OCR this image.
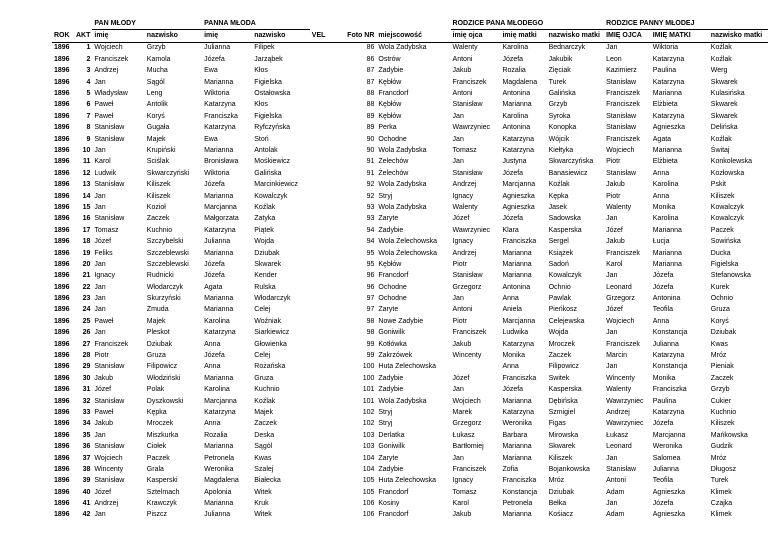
		PAN MŁODY		PANNA MŁODA					RODZICE PANA MŁODEGO			RODZICE PANNY MŁODEJ		
ROK	AKT	imię	nazwisko	imię	nazwisko	VEL	Foto NR	miejscowość	imię ojca	imię matki	nazwisko matki	IMIĘ OJCA	IMIĘ MATKI	nazwisko matki
1896	1	Wojciech	Grzyb	Julianna	Filipek		86	Wola Zadybska	Walenty	Karolina	Bednarczyk	Jan	Wiktoria	Koźlak
1896	2	Franciszek	Kamola	Józefa	Jarząbek		86	Ostrów	Antoni	Józefa	Jakubik	Leon	Katarzyna	Koźlak
1896	3	Andrzej	Mucha	Ewa	Kłos		87	Zadybie	Jakub	Rozalia	Zięciak	Kazimierz	Paulina	Werg
1896	4	Jan	Sągól	Marianna	Figielska		87	Kębłów	Franciszek	Magdalena	Turek	Stanisław	Katarzyna	Skwarek
1896	5	Władysław	Leng	Wiktoria	Ostałowska		88	Francdorf	Antoni	Antonina	Galińska	Franciszek	Marianna	Kulasińska
1896	6	Paweł	Antolik	Katarzyna	Kłos		88	Kębłów	Stanisław	Marianna	Grzyb	Franciszek	Elżbieta	Skwarek
1896	7	Paweł	Koryś	Franciszka	Figielska		89	Kębłów	Jan	Karolina	Syroka	Stanisław	Katarzyna	Skwarek
1896	8	Stanisław	Gugała	Katarzyna	Ryfczyńska		89	Perka	Wawrzyniec	Antonina	Konopka	Stanisław	Agnieszka	Delińska
1896	9	Stanisław	Majek	Ewa	Stoń		90	Ochodne	Jan	Katarzyna	Wójcik	Franciszek	Agata	Koźlak
1896	10	Jan	Krupiński	Marianna	Antolak		90	Wola Zadybska	Tomasz	Katarzyna	Kiełtyka	Wojciech	Marianna	Świtaj
1896	11	Karol	Ściślak	Bronisława	Mośkiewicz		91	Żelechów	Jan	Justyna	Skwarczyńska	Piotr	Elżbieta	Konkolewska
1896	12	Ludwik	Skwarczyński	Wiktoria	Galińska		91	Żelechów	Stanisław	Józefa	Banasiewicz	Stanisław	Anna	Kozłowska
1896	13	Stanisław	Kiliszek	Józefa	Marcinkiewicz		92	Wola Zadybska	Andrzej	Marcjanna	Koźlak	Jakub	Karolina	Pskit
1896	14	Jan	Kiliszek	Marianna	Kowalczyk		92	Stryj	Ignacy	Agnieszka	Kępka	Piotr	Anna	Kiliszek
1896	15	Jan	Kozioł	Marcjanna	Koźlak		93	Wola Zadybska	Walenty	Agnieszka	Jasek	Walenty	Monika	Kowalczyk
1896	16	Stanisław	Zaczek	Małgorzata	Zatyka		93	Zaryte	Józef	Józefa	Sadowska	Jan	Karolina	Kowalczyk
1896	17	Tomasz	Kuchnio	Katarzyna	Piątek		94	Zadybie	Wawrzyniec	Klara	Kasperska	Józef	Marianna	Paczek
1896	18	Józef	Szczybelski	Julianna	Wojda		94	Wola Żelechowska	Ignacy	Franciszka	Sergel	Jakub	Łucja	Sowińska
1896	19	Feliks	Szczeblewski	Marianna	Dziubak		95	Wola Żelechowska	Andrzej	Marianna	Książek	Franciszek	Marianna	Ducka
1896	20	Jan	Szczeblewski	Józefa	Skwarek		95	Kębłów	Piotr	Marianna	Sadoń	Karol	Marianna	Figielska
1896	21	Ignacy	Rudnicki	Józefa	Kender		96	Francdorf	Stanisław	Marianna	Kowalczyk	Jan	Józefa	Stefanowska
1896	22	Jan	Włodarczyk	Agata	Rulska		96	Ochodne	Grzegorz	Antonina	Ochnio	Leonard	Józefa	Kurek
1896	23	Jan	Skurzyński	Marianna	Włodarczyk		97	Ochodne	Jan	Anna	Pawlak	Grzegorz	Antonina	Ochnio
1896	24	Jan	Żmuda	Marianna	Celej		97	Zaryte	Antoni	Aniela	Pieńkosz	Józef	Teofila	Gruza
1896	25	Paweł	Majek	Karolina	Woźniak		98	Nowe Zadybie	Piotr	Marcjanna	Celejewska	Wojciech	Anna	Koryś
1896	26	Jan	Pleskot	Katarzyna	Siarkiewicz		98	Goniwilk	Franciszek	Ludwika	Wojda	Jan	Konstancja	Dziubak
1896	27	Franciszek	Dziubak	Anna	Głowienka		99	Kotłówka	Jakub	Katarzyna	Mroczek	Franciszek	Julianna	Kwas
1896	28	Piotr	Gruza	Józefa	Celej		99	Zakrzówek	Wincenty	Monika	Zaczek	Marcin	Katarzyna	Mróz
1896	29	Stanisław	Filipowicz	Anna	Rożańska		100	Huta Żelechowska		Anna	Filipowicz	Jan	Konstancja	Pieniak
1896	30	Jakub	Włodziński	Marianna	Gruza		100	Zadybie	Józef	Franciszka	Switek	Wincenty	Monika	Zaczek
1896	31	Józef	Polak	Karolina	Kuchnio		101	Zadybie	Jan	Józefa	Kasperska	Walenty	Franciszka	Grzyb
1896	32	Stanisław	Dyszkowski	Marcjanna	Koźlak		101	Wola Zadybska	Wojciech	Marianna	Dębińska	Wawrzyniec	Paulina	Cukier
1896	33	Paweł	Kępka	Katarzyna	Majek		102	Stryj	Marek	Katarzyna	Szmigiel	Andrzej	Katarzyna	Kuchnio
1896	34	Jakub	Mroczek	Anna	Zaczek		102	Stryj	Grzegorz	Weronika	Figas	Wawrzyniec	Józefa	Kiliszek
1896	35	Jan	Miszkurka	Rozalia	Deska		103	Derlatka	Łukasz	Barbara	Mirowska	Łukasz	Marcjanna	Mańkowska
1896	36	Stanisław	Ciołek	Marianna	Sągól		103	Goniwilk	Bartłomiej	Marianna	Skwarek	Leonard	Weronika	Gudzik
1896	37	Wojciech	Paczek	Petronela	Kwas		104	Zaryte	Jan	Marianna	Kiliszek	Jan	Salomea	Mróz
1896	38	Wincenty	Grala	Weronika	Szalej		104	Zadybie	Franciszek	Zofia	Bojankowska	Stanisław	Julianna	Długosz
1896	39	Stanisław	Kasperski	Magdalena	Białecka		105	Huta Żelechowska	Ignacy	Franciszka	Mróz	Antoni	Teofila	Turek
1896	40	Józef	Sztelmach	Apolonia	Witek		105	Francdorf	Tomasz	Konstancja	Dziubak	Adam	Agnieszka	Klimek
1896	41	Andrzej	Krawczyk	Marianna	Kruk		106	Kosiny	Karol	Petronela	Bełka	Jan	Józefa	Czajka
1896	42	Jan	Piszcz	Julianna	Witek		106	Francdorf	Jakub	Marianna	Kośiacz	Adam	Agnieszka	Klimek
